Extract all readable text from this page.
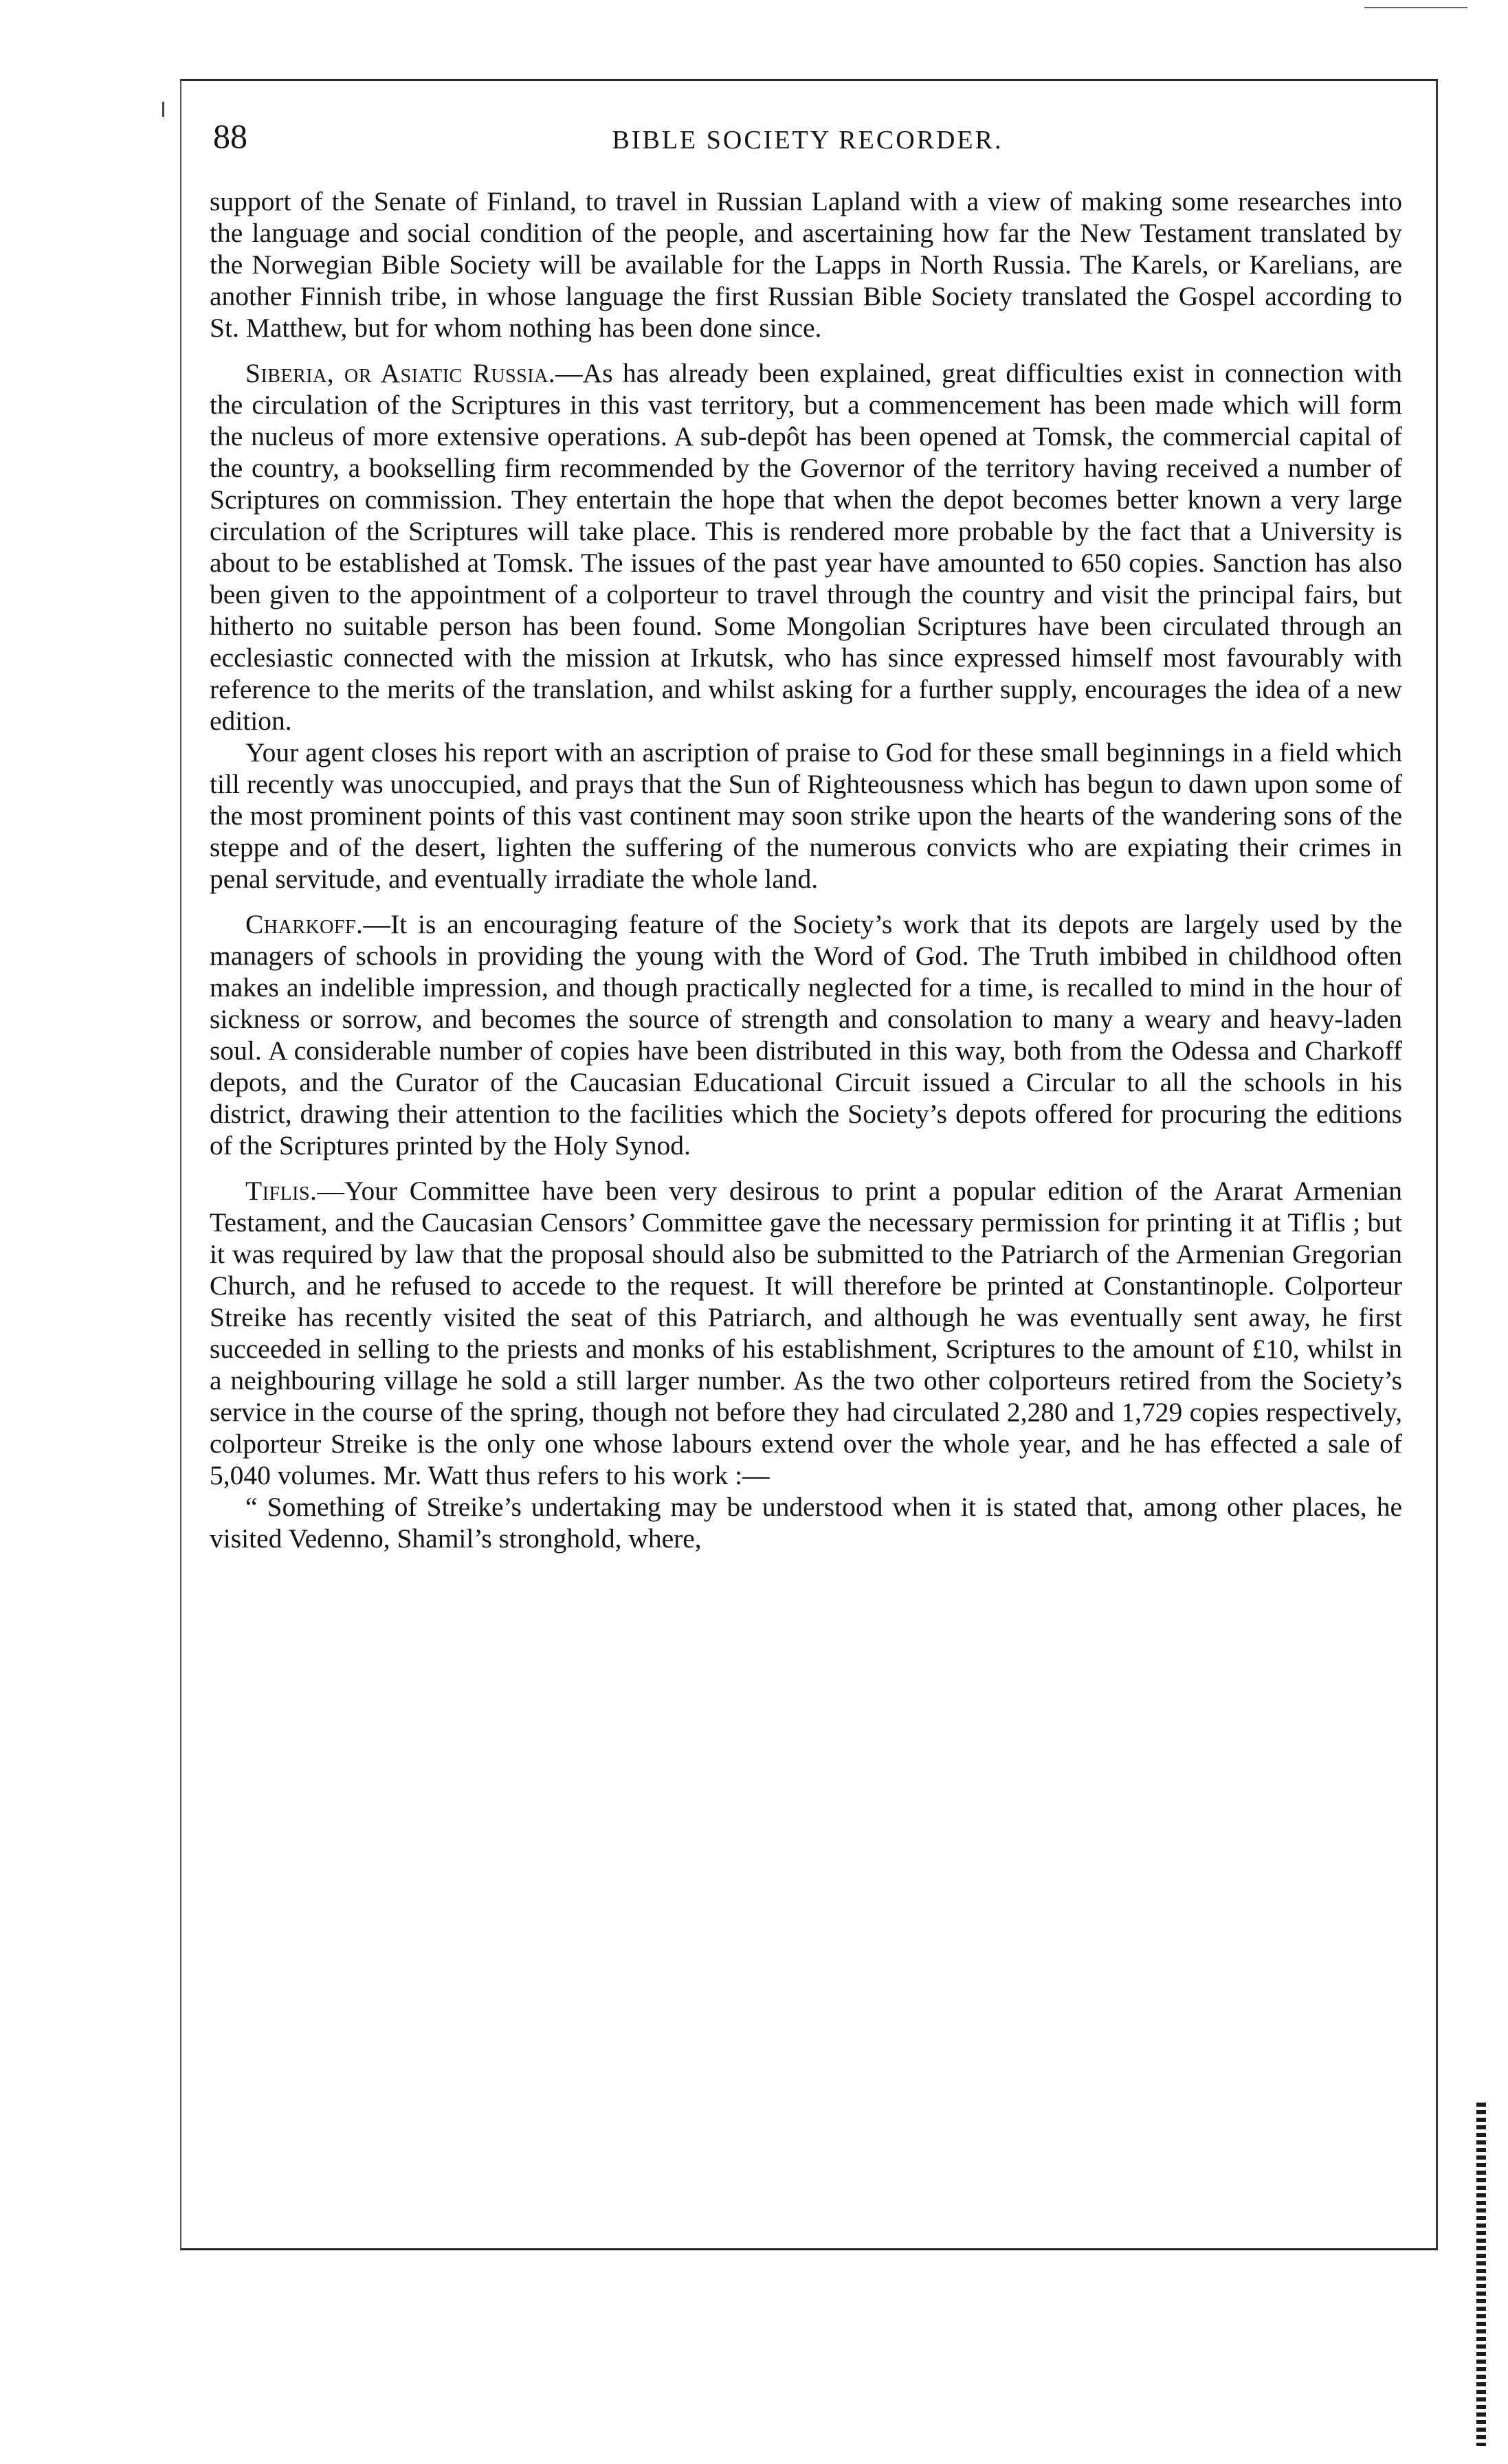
88	BIBLE SOCIETY RECORDER.

support of the Senate of Finland, to travel in Russian Lapland with a view of making some researches into the language and social condition of the people, and ascertaining how far the New Testament translated by the Norwegian Bible Society will be available for the Lapps in North Russia. The Karels, or Karelians, are another Finnish tribe, in whose language the first Russian Bible Society translated the Gospel according to St. Matthew, but for whom nothing has been done since.

Siberia, or Asiatic Russia.—As has already been explained, great difficulties exist in connection with the circulation of the Scriptures in this vast territory, but a commencement has been made which will form the nucleus of more extensive operations. A sub-depôt has been opened at Tomsk, the commercial capital of the country, a bookselling firm recommended by the Governor of the territory having received a number of Scriptures on commission. They entertain the hope that when the depot becomes better known a very large circulation of the Scriptures will take place. This is rendered more probable by the fact that a University is about to be established at Tomsk. The issues of the past year have amounted to 650 copies. Sanction has also been given to the appointment of a colporteur to travel through the country and visit the principal fairs, but hitherto no suitable person has been found. Some Mongolian Scriptures have been circulated through an ecclesiastic connected with the mission at Irkutsk, who has since expressed himself most favourably with reference to the merits of the translation, and whilst asking for a further supply, encourages the idea of a new edition.

Your agent closes his report with an ascription of praise to God for these small beginnings in a field which till recently was unoccupied, and prays that the Sun of Righteousness which has begun to dawn upon some of the most prominent points of this vast continent may soon strike upon the hearts of the wandering sons of the steppe and of the desert, lighten the suffering of the numerous convicts who are expiating their crimes in penal servitude, and eventually irradiate the whole land.

Charkoff.—It is an encouraging feature of the Society’s work that its depots are largely used by the managers of schools in providing the young with the Word of God. The Truth imbibed in childhood often makes an indelible impression, and though practically neglected for a time, is recalled to mind in the hour of sickness or sorrow, and becomes the source of strength and consolation to many a weary and heavy-laden soul. A considerable number of copies have been distributed in this way, both from the Odessa and Charkoff depots, and the Curator of the Caucasian Educational Circuit issued a Circular to all the schools in his district, drawing their attention to the facilities which the Society’s depots offered for procuring the editions of the Scriptures printed by the Holy Synod.

Tiflis.—Your Committee have been very desirous to print a popular edition of the Ararat Armenian Testament, and the Caucasian Censors’ Committee gave the necessary permission for printing it at Tiflis ; but it was required by law that the proposal should also be submitted to the Patriarch of the Armenian Gregorian Church, and he refused to accede to the request. It will therefore be printed at Constantinople. Colporteur Streike has recently visited the seat of this Patriarch, and although he was eventually sent away, he first succeeded in selling to the priests and monks of his establishment, Scriptures to the amount of £10, whilst in a neighbouring village he sold a still larger number. As the two other colporteurs retired from the Society’s service in the course of the spring, though not before they had circulated 2,280 and 1,729 copies respectively, colporteur Streike is the only one whose labours extend over the whole year, and he has effected a sale of 5,040 volumes. Mr. Watt thus refers to his work :—

“ Something of Streike’s undertaking may be understood when it is stated that, among other places, he visited Vedenno, Shamil’s stronghold, where,
